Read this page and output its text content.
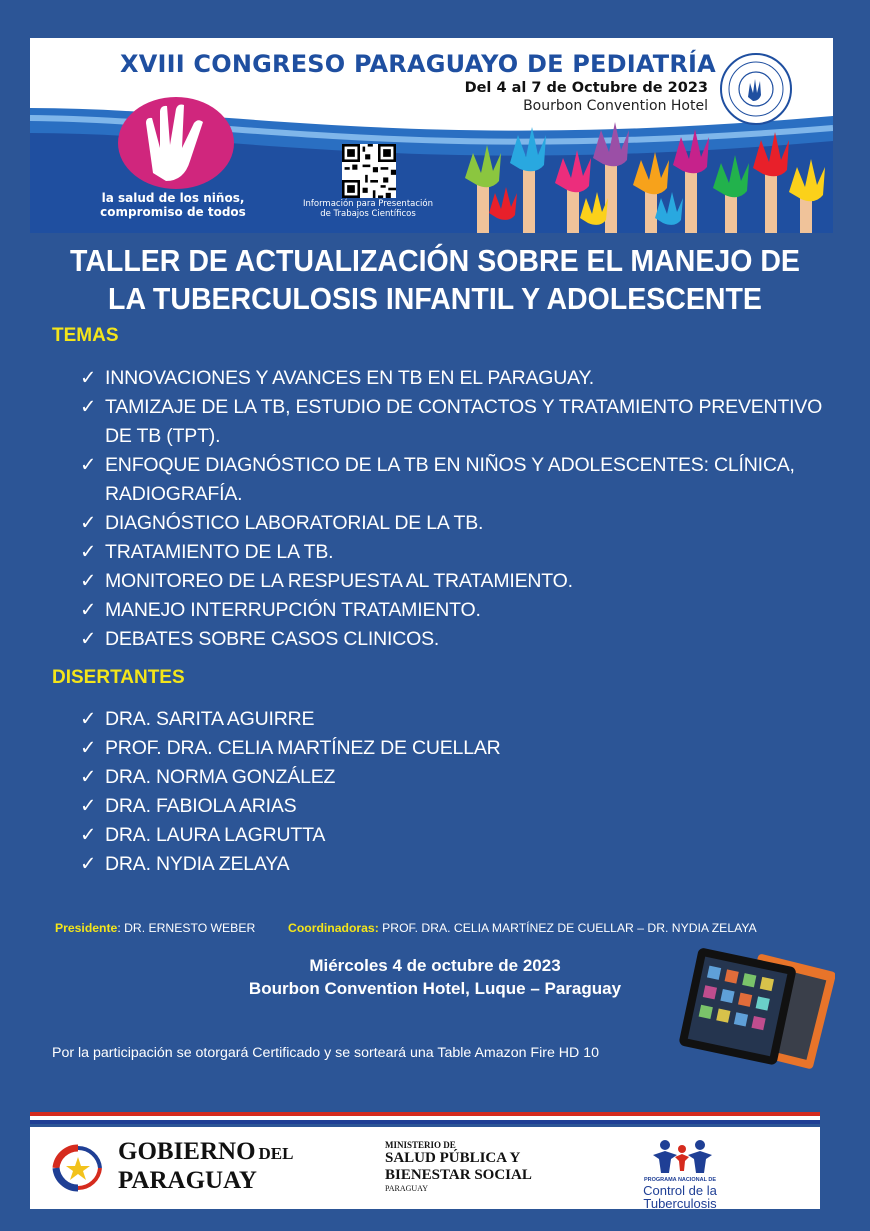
XVIII CONGRESO PARAGUAYO DE PEDIATRÍA
Del 4 al 7 de Octubre de 2023
Bourbon Convention Hotel
la salud de los niños,
compromiso de todos
Información para Presentación
de Trabajos Científicos
TALLER DE ACTUALIZACIÓN SOBRE EL MANEJO DE
LA TUBERCULOSIS INFANTIL Y ADOLESCENTE
TEMAS
✓ INNOVACIONES Y AVANCES EN TB EN EL PARAGUAY.
✓ TAMIZAJE DE LA TB, ESTUDIO DE CONTACTOS Y TRATAMIENTO PREVENTIVO DE TB (TPT).
✓ ENFOQUE DIAGNÓSTICO DE LA TB EN NIÑOS Y ADOLESCENTES: CLÍNICA, RADIOGRAFÍA.
✓ DIAGNÓSTICO LABORATORIAL DE LA TB.
✓ TRATAMIENTO DE LA TB.
✓ MONITOREO DE LA RESPUESTA AL TRATAMIENTO.
✓ MANEJO INTERRUPCIÓN TRATAMIENTO.
✓ DEBATES SOBRE CASOS CLINICOS.
DISERTANTES
✓ DRA. SARITA AGUIRRE
✓ PROF. DRA. CELIA MARTÍNEZ DE CUELLAR
✓ DRA. NORMA GONZÁLEZ
✓ DRA. FABIOLA ARIAS
✓ DRA. LAURA LAGRUTTA
✓ DRA. NYDIA ZELAYA
Presidente: DR. ERNESTO WEBER	Coordinadoras: PROF. DRA. CELIA MARTÍNEZ DE CUELLAR – DR. NYDIA ZELAYA
Miércoles 4 de octubre de 2023
Bourbon Convention Hotel, Luque – Paraguay
Por la participación se otorgará Certificado y se sorteará una Table Amazon Fire HD 10
GOBIERNO DEL
PARAGUAY
MINISTERIO DE
SALUD PÚBLICA Y
BIENESTAR SOCIAL
PARAGUAY
PROGRAMA NACIONAL DE
Control de la
Tuberculosis
